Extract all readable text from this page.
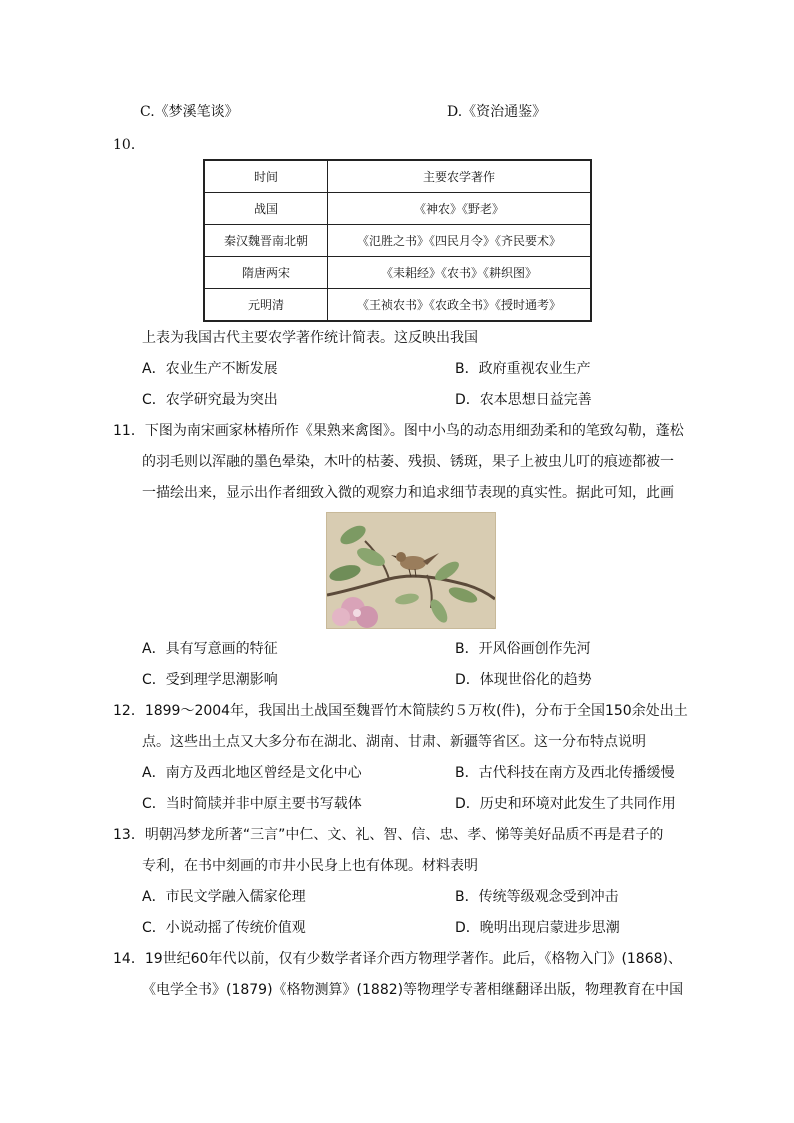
C.《梦溪笔谈》	D.《资治通鉴》
10．
时间	主要农学著作
战国	《神农》《野老》
秦汉魏晋南北朝	《氾胜之书》《四民月令》《齐民要术》
隋唐两宋	《耒耜经》《农书》《耕织图》
元明清	《王祯农书》《农政全书》《授时通考》
上表为我国古代主要农学著作统计简表。这反映出我国
A．农业生产不断发展	B．政府重视农业生产
C．农学研究最为突出	D．农本思想日益完善
11．下图为南宋画家林椿所作《果熟来禽图》。图中小鸟的动态用细劲柔和的笔致勾勒，蓬松
的羽毛则以浑融的墨色晕染，木叶的枯萎、残损、锈斑，果子上被虫儿叮的痕迹都被一
一描绘出来，显示出作者细致入微的观察力和追求细节表现的真实性。据此可知，此画
A．具有写意画的特征	B．开风俗画创作先河
C．受到理学思潮影响	D．体现世俗化的趋势
12．1899～2004年，我国出土战国至魏晋竹木简牍约５万枚(件)，分布于全国150余处出土
点。这些出土点又大多分布在湖北、湖南、甘肃、新疆等省区。这一分布特点说明
A．南方及西北地区曾经是文化中心	B．古代科技在南方及西北传播缓慢
C．当时简牍并非中原主要书写载体	D．历史和环境对此发生了共同作用
13．明朝冯梦龙所著“三言”中仁、文、礼、智、信、忠、孝、悌等美好品质不再是君子的
专利，在书中刻画的市井小民身上也有体现。材料表明
A．市民文学融入儒家伦理	B．传统等级观念受到冲击
C．小说动摇了传统价值观	D．晚明出现启蒙进步思潮
14．19世纪60年代以前，仅有少数学者译介西方物理学著作。此后，《格物入门》(1868)、
《电学全书》(1879)《格物测算》(1882)等物理学专著相继翻译出版，物理教育在中国
